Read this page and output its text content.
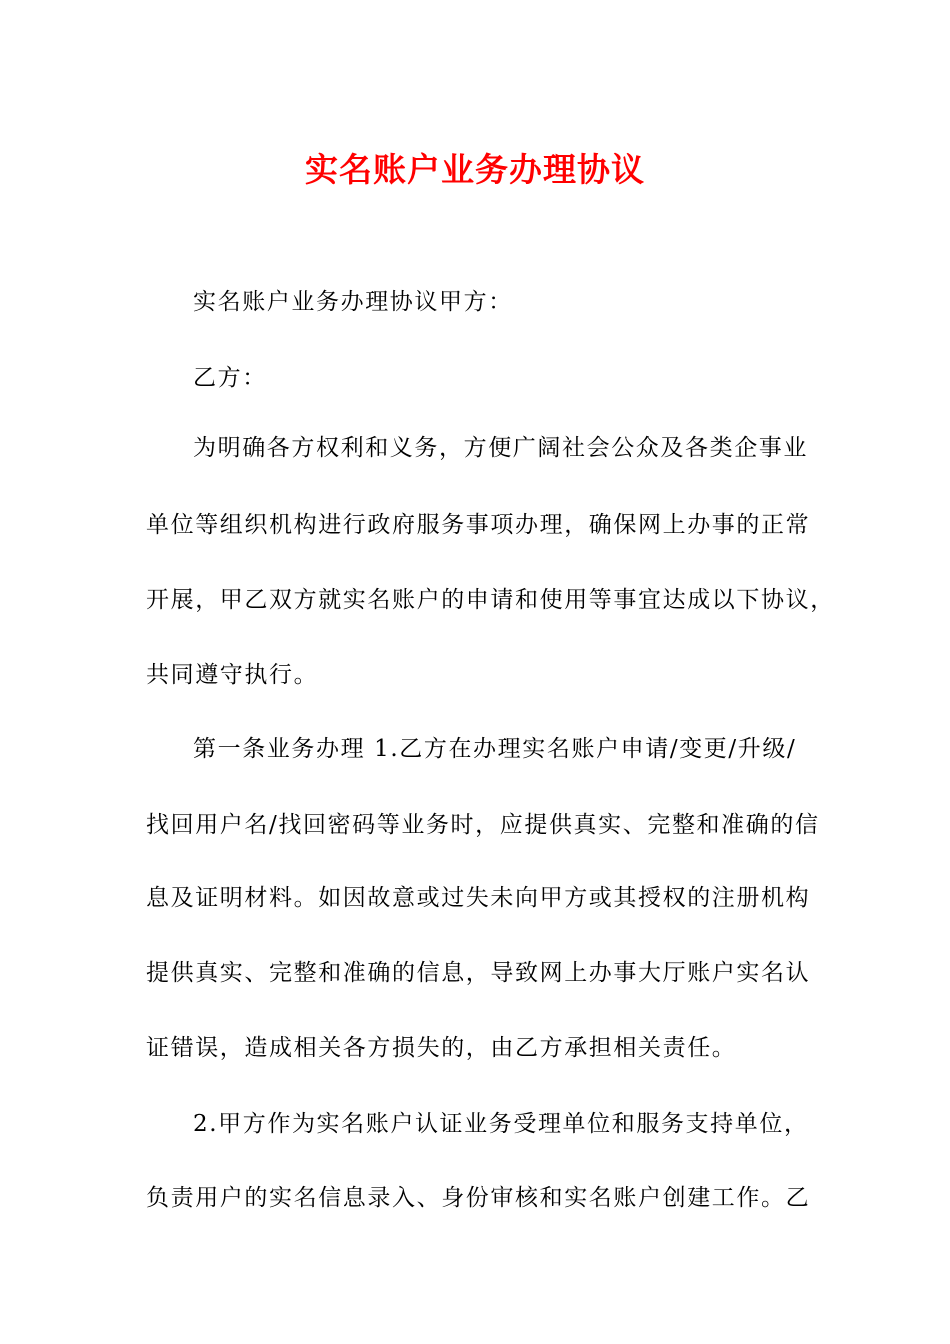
实名账户业务办理协议
实名账户业务办理协议甲方：
乙方：
为明确各方权利和义务，方便广阔社会公众及各类企事业
单位等组织机构进行政府服务事项办理，确保网上办事的正常
开展，甲乙双方就实名账户的申请和使用等事宜达成以下协议，
共同遵守执行。
第一条业务办理 1.乙方在办理实名账户申请/变更/升级/
找回用户名/找回密码等业务时，应提供真实、完整和准确的信
息及证明材料。如因故意或过失未向甲方或其授权的注册机构
提供真实、完整和准确的信息，导致网上办事大厅账户实名认
证错误，造成相关各方损失的，由乙方承担相关责任。
2.甲方作为实名账户认证业务受理单位和服务支持单位，
负责用户的实名信息录入、身份审核和实名账户创建工作。乙
